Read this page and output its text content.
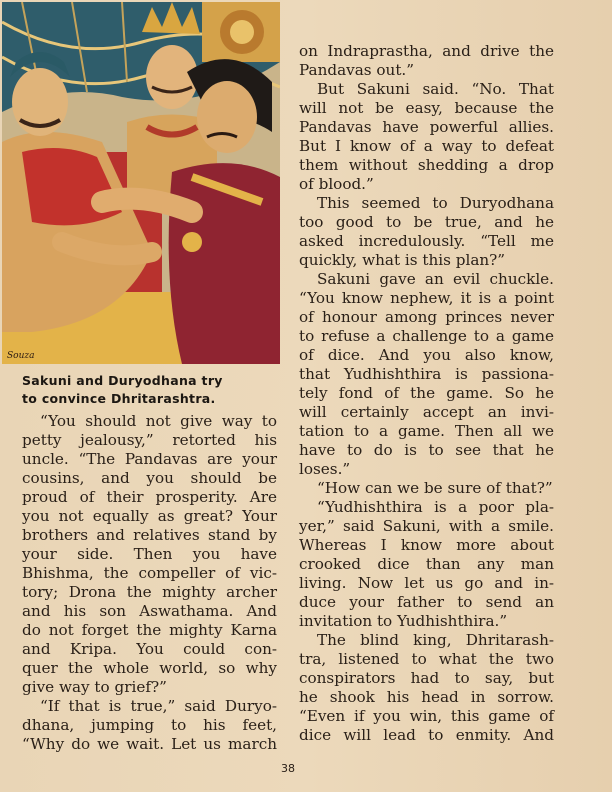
Souza
Sakuni and Duryodhana try
to convince Dhritarashtra.
“You should not give way to
petty jealousy,” retorted his
uncle. “The Pandavas are your
cousins, and you should be
proud of their prosperity. Are
you not equally as great? Your
brothers and relatives stand by
your side. Then you have
Bhishma, the compeller of vic-
tory; Drona the mighty archer
and his son Aswathama. And
do not forget the mighty Karna
and Kripa. You could con-
quer the whole world, so why
give way to grief?”
“If that is true,” said Duryo-
dhana, jumping to his feet,
“Why do we wait. Let us march
on Indraprastha, and drive the
Pandavas out.”
But Sakuni said. “No. That
will not be easy, because the
Pandavas have powerful allies.
But I know of a way to defeat
them without shedding a drop
of blood.”
This seemed to Duryodhana
too good to be true, and he
asked incredulously. “Tell me
quickly, what is this plan?”
Sakuni gave an evil chuckle.
“You know nephew, it is a point
of honour among princes never
to refuse a challenge to a game
of dice. And you also know,
that Yudhishthira is passiona-
tely fond of the game. So he
will certainly accept an invi-
tation to a game. Then all we
have to do is to see that he
loses.”
“How can we be sure of that?”
“Yudhishthira is a poor pla-
yer,” said Sakuni, with a smile.
Whereas I know more about
crooked dice than any man
living. Now let us go and in-
duce your father to send an
invitation to Yudhishthira.”
The blind king, Dhritarash-
tra, listened to what the two
conspirators had to say, but
he shook his head in sorrow.
“Even if you win, this game of
dice will lead to enmity. And
38
